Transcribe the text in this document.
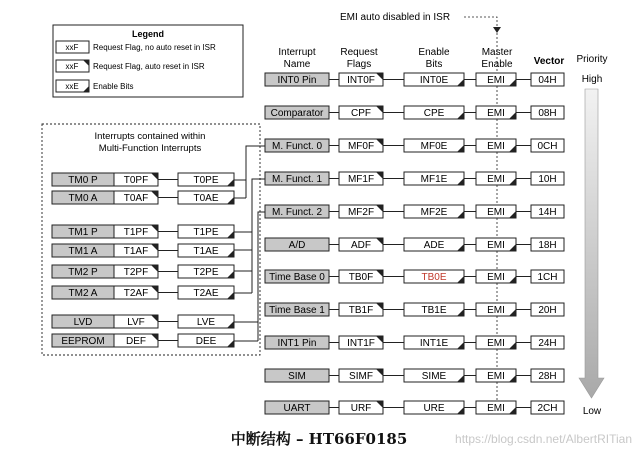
Legend
xxF Request Flag, no auto reset in ISR
xxF Request Flag, auto reset in ISR
xxE Enable Bits
EMI auto disabled in ISR
Interrupt
Name
Request
Flags
Enable
Bits
Master
Enable Vector Priority
High
Low
Interrupts contained within
Multi-Function Interrupts
TM0 P	T0PF	T0PE
TM0 A	T0AF	T0AE
TM1 P	T1PF	T1PE
TM1 A	T1AF	T1AE
TM2 P	T2PF	T2PE
TM2 A	T2AF	T2AE
LVD	LVF	LVE
EEPROM DEF	DEE
INT0 Pin	INT0F	INT0E	EMI	04H
Comparator	CPF	CPE	EMI	08H
M. Funct. 0	MF0F	MF0E	EMI	0CH
M. Funct. 1	MF1F	MF1E	EMI	10H
M. Funct. 2	MF2F	MF2E	EMI	14H
A/D	ADF	ADE	EMI	18H
Time Base 0 TB0F	TB0E	EMI	1CH
Time Base 1 TB1F	TB1E	EMI	20H
INT1 Pin	INT1F	INT1E	EMI	24H
SIM	SIMF	SIME	EMI	28H
UART	URF	URE	EMI	2CH
中断结构 – HT66F0185	https://blog.csdn.net/AlbertRITian
